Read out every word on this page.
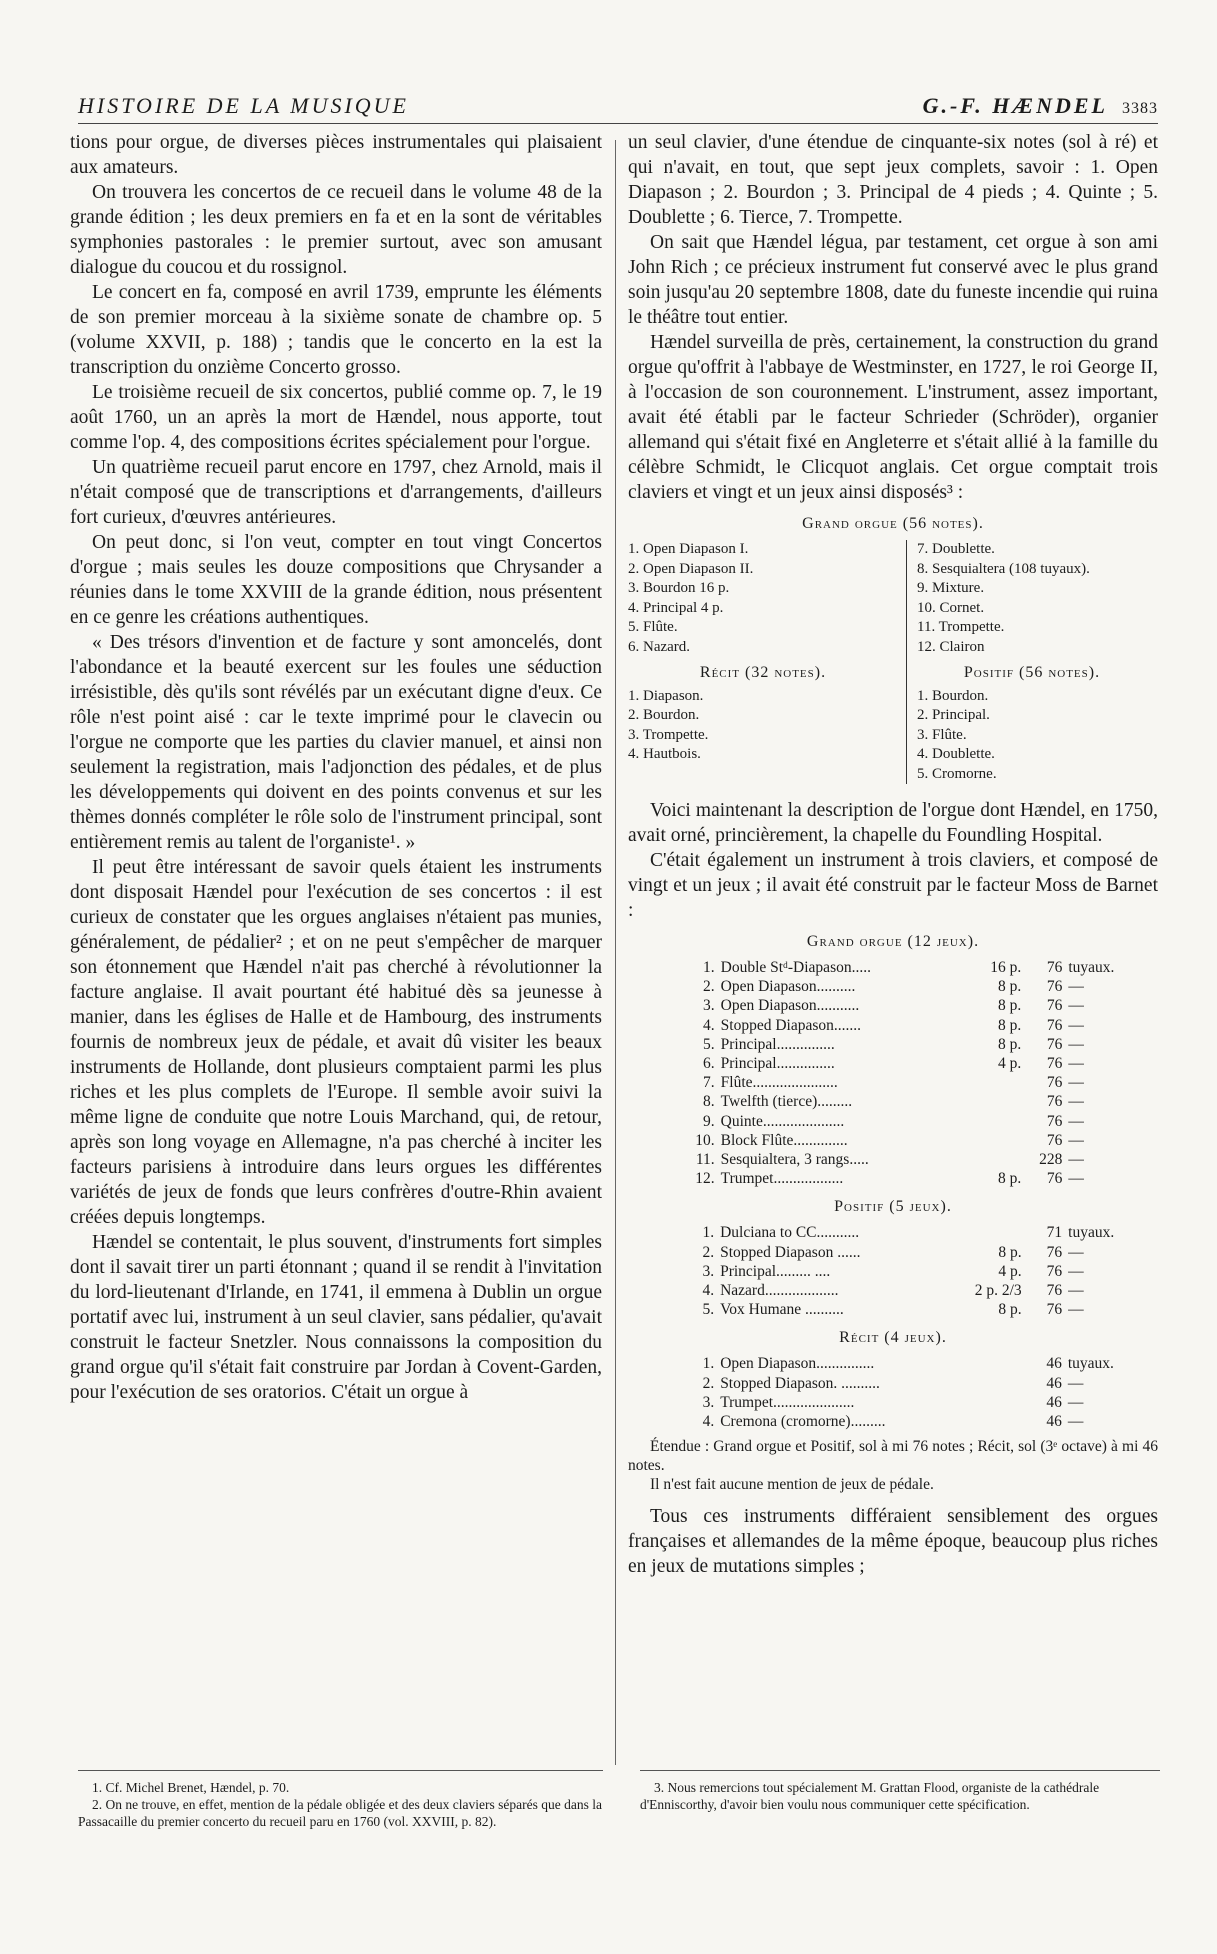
HISTOIRE DE LA MUSIQUE	G.-F. HÆNDEL 3383

tions pour orgue, de diverses pièces instrumentales qui plaisaient aux amateurs.

On trouvera les concertos de ce recueil dans le volume 48 de la grande édition ; les deux premiers en fa et en la sont de véritables symphonies pastorales : le premier surtout, avec son amusant dialogue du coucou et du rossignol.

Le concert en fa, composé en avril 1739, emprunte les éléments de son premier morceau à la sixième sonate de chambre op. 5 (volume XXVII, p. 188) ; tandis que le concerto en la est la transcription du onzième Concerto grosso.

Le troisième recueil de six concertos, publié comme op. 7, le 19 août 1760, un an après la mort de Hændel, nous apporte, tout comme l'op. 4, des compositions écrites spécialement pour l'orgue.

Un quatrième recueil parut encore en 1797, chez Arnold, mais il n'était composé que de transcriptions et d'arrangements, d'ailleurs fort curieux, d'œuvres antérieures.

On peut donc, si l'on veut, compter en tout vingt Concertos d'orgue ; mais seules les douze compositions que Chrysander a réunies dans le tome XXVIII de la grande édition, nous présentent en ce genre les créations authentiques.

« Des trésors d'invention et de facture y sont amoncelés, dont l'abondance et la beauté exercent sur les foules une séduction irrésistible, dès qu'ils sont révélés par un exécutant digne d'eux. Ce rôle n'est point aisé : car le texte imprimé pour le clavecin ou l'orgue ne comporte que les parties du clavier manuel, et ainsi non seulement la registration, mais l'adjonction des pédales, et de plus les développements qui doivent en des points convenus et sur les thèmes donnés compléter le rôle solo de l'instrument principal, sont entièrement remis au talent de l'organiste¹. »

Il peut être intéressant de savoir quels étaient les instruments dont disposait Hændel pour l'exécution de ses concertos : il est curieux de constater que les orgues anglaises n'étaient pas munies, généralement, de pédalier² ; et on ne peut s'empêcher de marquer son étonnement que Hændel n'ait pas cherché à révolutionner la facture anglaise. Il avait pourtant été habitué dès sa jeunesse à manier, dans les églises de Halle et de Hambourg, des instruments fournis de nombreux jeux de pédale, et avait dû visiter les beaux instruments de Hollande, dont plusieurs comptaient parmi les plus riches et les plus complets de l'Europe. Il semble avoir suivi la même ligne de conduite que notre Louis Marchand, qui, de retour, après son long voyage en Allemagne, n'a pas cherché à inciter les facteurs parisiens à introduire dans leurs orgues les différentes variétés de jeux de fonds que leurs confrères d'outre-Rhin avaient créées depuis longtemps.

Hændel se contentait, le plus souvent, d'instruments fort simples dont il savait tirer un parti étonnant ; quand il se rendit à l'invitation du lord-lieutenant d'Irlande, en 1741, il emmena à Dublin un orgue portatif avec lui, instrument à un seul clavier, sans pédalier, qu'avait construit le facteur Snetzler. Nous connaissons la composition du grand orgue qu'il s'était fait construire par Jordan à Covent-Garden, pour l'exécution de ses oratorios. C'était un orgue à

un seul clavier, d'une étendue de cinquante-six notes (sol à ré) et qui n'avait, en tout, que sept jeux complets, savoir : 1. Open Diapason ; 2. Bourdon ; 3. Principal de 4 pieds ; 4. Quinte ; 5. Doublette ; 6. Tierce, 7. Trompette.

On sait que Hændel légua, par testament, cet orgue à son ami John Rich ; ce précieux instrument fut conservé avec le plus grand soin jusqu'au 20 septembre 1808, date du funeste incendie qui ruina le théâtre tout entier.

Hændel surveilla de près, certainement, la construction du grand orgue qu'offrit à l'abbaye de Westminster, en 1727, le roi George II, à l'occasion de son couronnement. L'instrument, assez important, avait été établi par le facteur Schrieder (Schröder), organier allemand qui s'était fixé en Angleterre et s'était allié à la famille du célèbre Schmidt, le Clicquot anglais. Cet orgue comptait trois claviers et vingt et un jeux ainsi disposés³ :

Grand orgue (56 notes).
1. Open Diapason I.
2. Open Diapason II.
3. Bourdon 16 p.
4. Principal 4 p.
5. Flûte.
6. Nazard.
7. Doublette.
8. Sesquialtera (108 tuyaux).
9. Mixture.
10. Cornet.
11. Trompette.
12. Clairon
Récit (32 notes).
1. Diapason.
2. Bourdon.
3. Trompette.
4. Hautbois.
Positif (56 notes).
1. Bourdon.
2. Principal.
3. Flûte.
4. Doublette.
5. Cromorne.

Voici maintenant la description de l'orgue dont Hændel, en 1750, avait orné, princièrement, la chapelle du Foundling Hospital.

C'était également un instrument à trois claviers, et composé de vingt et un jeux ; il avait été construit par le facteur Moss de Barnet :

Grand orgue (12 jeux).
1.	Double Stᵈ-Diapason.....	16 p.	76	tuyaux.
2.	Open Diapason..........	8 p.	76	—
3.	Open Diapason...........	8 p.	76	—
4.	Stopped Diapason.......	8 p.	76	—
5.	Principal...............	8 p.	76	—
6.	Principal...............	4 p.	76	—
7.	Flûte......................		76	—
8.	Twelfth (tierce).........		76	—
9.	Quinte.....................		76	—
10.	Block Flûte..............		76	—
11.	Sesquialtera, 3 rangs.....		228	—
12.	Trumpet..................	8 p.	76	—
Positif (5 jeux).
1.	Dulciana to CC...........		71	tuyaux.
2.	Stopped Diapason ......	8 p.	76	—
3.	Principal......... ....	4 p.	76	—
4.	Nazard...................	2 p. 2/3	76	—
5.	Vox Humane ..........	8 p.	76	—
Récit (4 jeux).
1.	Open Diapason...............		46	tuyaux.
2.	Stopped Diapason. ..........		46	—
3.	Trumpet.....................		46	—
4.	Cremona (cromorne).........		46	—

Étendue : Grand orgue et Positif, sol à mi 76 notes ; Récit, sol (3ᵉ octave) à mi 46 notes.

Il n'est fait aucune mention de jeux de pédale.

Tous ces instruments différaient sensiblement des orgues françaises et allemandes de la même époque, beaucoup plus riches en jeux de mutations simples ;

1. Cf. Michel Brenet, Hændel, p. 70.

2. On ne trouve, en effet, mention de la pédale obligée et des deux claviers séparés que dans la Passacaille du premier concerto du recueil paru en 1760 (vol. XXVIII, p. 82).

3. Nous remercions tout spécialement M. Grattan Flood, organiste de la cathédrale d'Enniscorthy, d'avoir bien voulu nous communiquer cette spécification.
